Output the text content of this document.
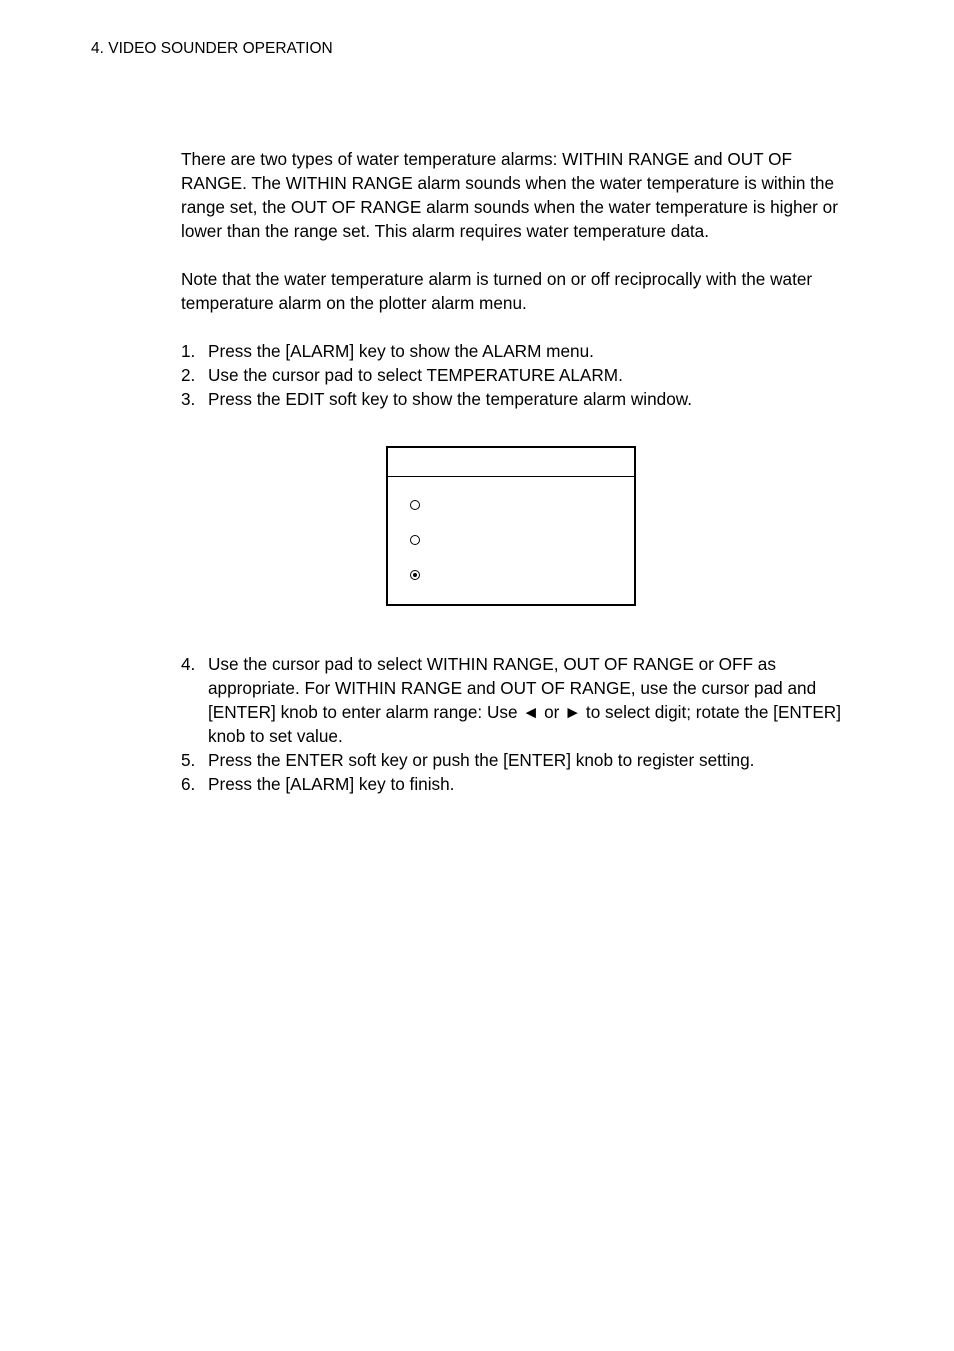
4. VIDEO SOUNDER OPERATION

There are two types of water temperature alarms: WITHIN RANGE and OUT OF RANGE. The WITHIN RANGE alarm sounds when the water temperature is within the range set, the OUT OF RANGE alarm sounds when the water temperature is higher or lower than the range set. This alarm requires water temperature data.

Note that the water temperature alarm is turned on or off reciprocally with the water temperature alarm on the plotter alarm menu.

1. Press the [ALARM] key to show the ALARM menu.
2. Use the cursor pad to select TEMPERATURE ALARM.
3. Press the EDIT soft key to show the temperature alarm window.
4. Use the cursor pad to select WITHIN RANGE, OUT OF RANGE or OFF as appropriate. For WITHIN RANGE and OUT OF RANGE, use the cursor pad and [ENTER] knob to enter alarm range: Use ◄ or ► to select digit; rotate the [ENTER] knob to set value.
5. Press the ENTER soft key or push the [ENTER] knob to register setting.
6. Press the [ALARM] key to finish.
